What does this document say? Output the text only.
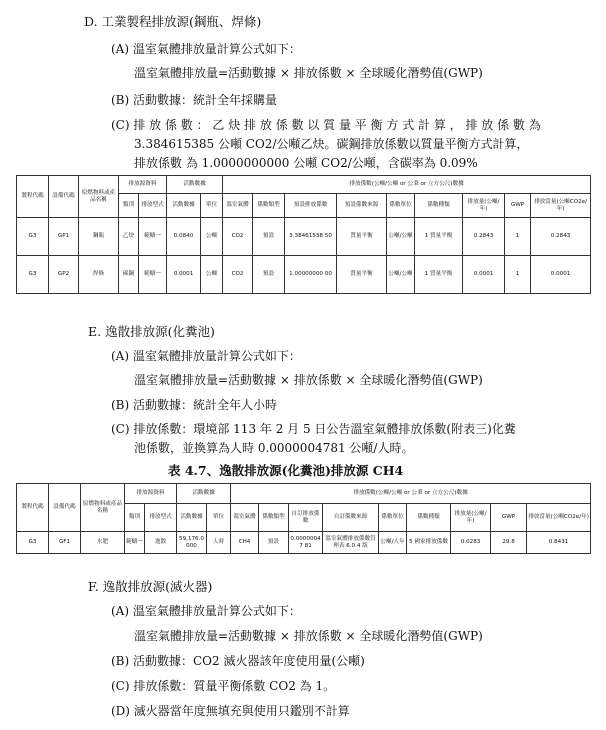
D. 工業製程排放源(鋼瓶、焊條)
(A) 溫室氣體排放量計算公式如下：
溫室氣體排放量=活動數據 × 排放係數 × 全球暖化潛勢值(GWP)
(B) 活動數據：統計全年採購量
(C) 排 放 係 數 ： 乙 炔 排 放 係 數 以 質 量 平 衡 方 式 計 算 ， 排 放 係 數 為
3.384615385 公噸 CO2/公噸乙炔。碳鋼排放係數以質量平衡方式計算，
排放係數 為 1.0000000000 公噸 CO2/公噸，含碳率為 0.09%
製程代碼	設備代碼	原燃物料或產品名稱	排放源資料		活動數據		排放係數(公噸/公噸 or 公秉 or 立方公尺)數據								
			類別	排放型式	活動數據	單位	溫室氣體	係數類型	預設排放係數	預設係數來源	係數單位	係數種類	排放量(公噸/年)	GWP	排放當量(公噸CO2e/年)
G3	GP1	鋼瓶	乙炔	範疇一	0.0840	公噸	CO2	預設	3.38461538 50	質量平衡	公噸/公噸	1 質量平衡	0.2843	1	0.2843
G3	GP2	焊條	碳鋼	範疇一	0.0001	公噸	CO2	預設	1.00000000 00	質量平衡	公噸/公噸	1 質量平衡	0.0001	1	0.0001
E. 逸散排放源(化糞池)
(A) 溫室氣體排放量計算公式如下：
溫室氣體排放量=活動數據 × 排放係數 × 全球暖化潛勢值(GWP)
(B) 活動數據：統計全年人小時
(C) 排放係數：環境部 113 年 2 月 5 日公告溫室氣體排放係數(附表三)化糞
池係數，並換算為人時 0.0000004781 公噸/人時。
表 4.7、逸散排放源(化糞池)排放源 CH4
製程代碼	設備代碼	原燃物料或產品名稱	排放源資料		活動數據		排放係數(公噸/公噸 or 公秉 or 立方公尺)數據								
			類別	排放型式	活動數據	單位	溫室氣體	係數類型	自訂排放係數	自訂係數來源	係數單位	係數種類	排放量(公噸/年)	GWP	排放當量(公噸CO2e/年)
G3	GF1	水肥	範疇一	逸散	59,176.0000	人時	CH4	預設	0.00000047 81	溫室氣體排放係數管理表 6.0.4 版	公噸/人年	5 國家排放係數	0.0283	29.8	0.8431
F. 逸散排放源(滅火器)
(A) 溫室氣體排放量計算公式如下：
溫室氣體排放量=活動數據 × 排放係數 × 全球暖化潛勢值(GWP)
(B) 活動數據：CO2 滅火器該年度使用量(公噸)
(C) 排放係數：質量平衡係數 CO2 為 1。
(D) 滅火器當年度無填充與使用只鑑別不計算
